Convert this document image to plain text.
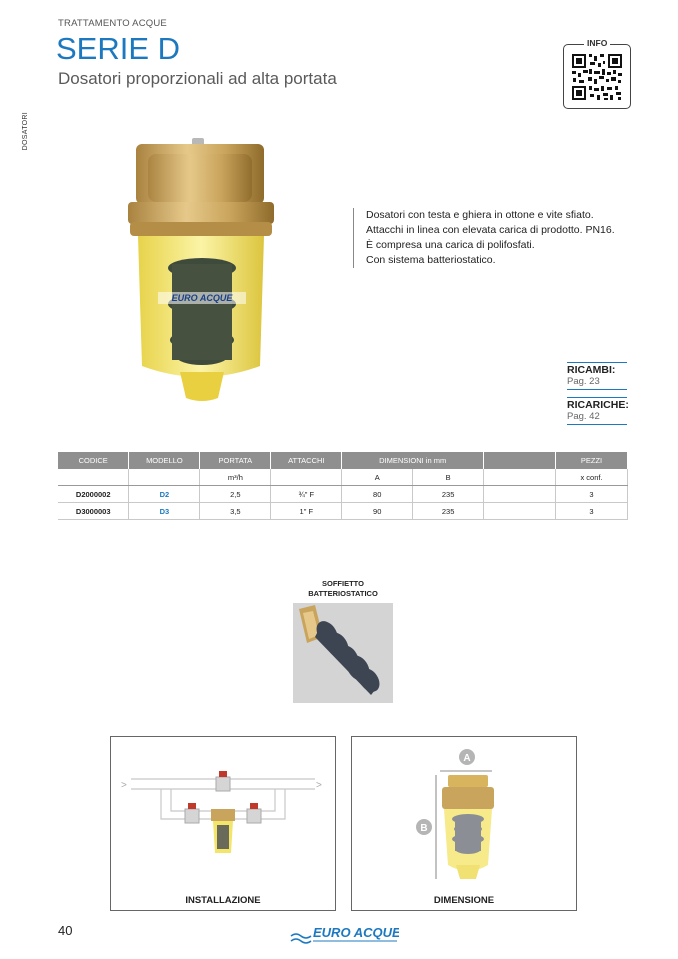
TRATTAMENTO ACQUE
SERIE D
Dosatori proporzionali ad alta portata
DOSATORI
INFO
EURO ACQUE
Dosatori con testa e ghiera in ottone e vite sfiato.
Attacchi in linea con elevata carica di prodotto. PN16.
È compresa una carica di polifosfati.
Con sistema batteriostatico.
RICAMBI:
Pag. 23
RICARICHE:
Pag. 42
CODICE	MODELLO	PORTATA	ATTACCHI	DIMENSIONI in mm			PEZZI
		m³/h		A	B		x conf.
D2000002	D2	2,5	¾" F	80	235		3
D3000003	D3	3,5	1" F	90	235		3
SOFFIETTO
BATTERIOSTATICO
>	>
INSTALLAZIONE
A
B
DIMENSIONE
40	EURO ACQUE
